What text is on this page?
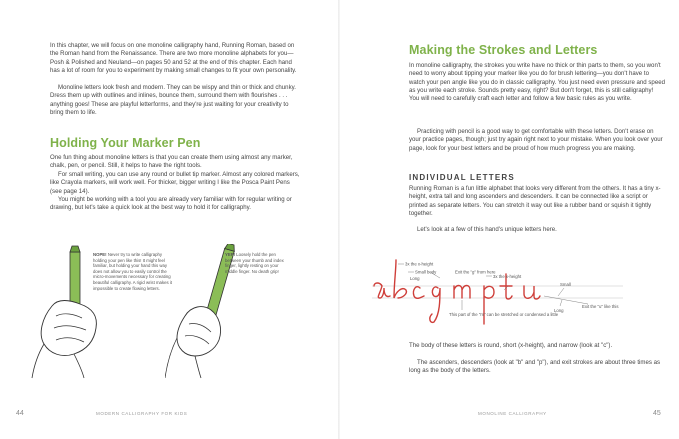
In this chapter, we will focus on one monoline calligraphy hand, Running Roman, based on the Roman hand from the Renaissance. There are two more monoline alphabets for you—Posh & Polished and Neuland—on pages 50 and 52 at the end of this chapter. Each hand has a lot of room for you to experiment by making small changes to fit your own personality.

Monoline letters look fresh and modern. They can be wispy and thin or thick and chunky. Dress them up with outlines and inlines, bounce them, surround them with flourishes . . . anything goes! These are playful letterforms, and they're just waiting for your creativity to bring them to life.

Holding Your Marker Pen

One fun thing about monoline letters is that you can create them using almost any marker, chalk, pen, or pencil. Still, it helps to have the right tools.

For small writing, you can use any round or bullet tip marker. Almost any colored markers, like Crayola markers, will work well. For thicker, bigger writing I like the Posca Paint Pens (see page 14).

You might be working with a tool you are already very familiar with for regular writing or drawing, but let's take a quick look at the best way to hold it for calligraphy.

NOPE! Never try to write calligraphy holding your pen like this! It might feel familiar, but holding your hand this way does not allow you to easily control the micro-movements necessary for creating beautiful calligraphy. A rigid wrist makes it impossible to create flowing letters.
YEP! Loosely hold the pen between your thumb and index finger, lightly resting on your middle finger. No death grip!
44	MODERN CALLIGRAPHY FOR KIDS
Making the Strokes and Letters

In monoline calligraphy, the strokes you write have no thick or thin parts to them, so you won't need to worry about tipping your marker like you do for brush lettering—you don't have to watch your pen angle like you do in classic calligraphy. You just need even pressure and speed as you write each stroke. Sounds pretty easy, right? But don't forget, this is still calligraphy! You will need to carefully craft each letter and follow a few basic rules as you write.

Practicing with pencil is a good way to get comfortable with these letters. Don't erase on your practice pages, though; just try again right next to your mistake. When you look over your page, look for your best letters and be proud of how much progress you are making.

INDIVIDUAL LETTERS

Running Roman is a fun little alphabet that looks very different from the others. It has a tiny x-height, extra tall and long ascenders and descenders. It can be connected like a script or printed as separate letters. You can stretch it way out like a rubber band or squish it tightly together.

Let's look at a few of this hand's unique letters here.

3x the x-height
Small body
Long
Exit the "g" from here
3x the x-height
Small
Exit the "u" like this
Long
This part of the "m" can be stretched or condensed a little

The body of these letters is round, short (x-height), and narrow (look at "c").

The ascenders, descenders (look at "b" and "p"), and exit strokes are about three times as long as the body of the letters.

MONOLINE CALLIGRAPHY	45
